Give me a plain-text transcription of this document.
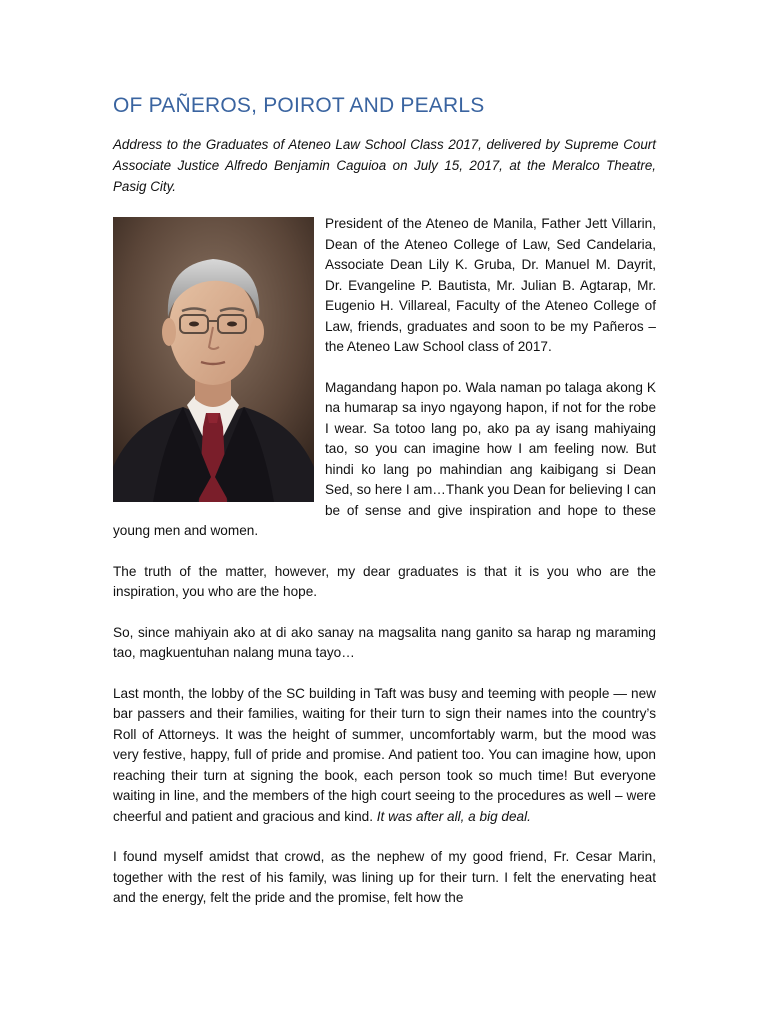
OF PAÑEROS, POIROT AND PEARLS

Address to the Graduates of Ateneo Law School Class 2017, delivered by Supreme Court Associate Justice Alfredo Benjamin Caguioa on July 15, 2017, at the Meralco Theatre, Pasig City.

President of the Ateneo de Manila, Father Jett Villarin, Dean of the Ateneo College of Law, Sed Candelaria, Associate Dean Lily K. Gruba, Dr. Manuel M. Dayrit, Dr. Evangeline P. Bautista, Mr. Julian B. Agtarap, Mr. Eugenio H. Villareal, Faculty of the Ateneo College of Law, friends, graduates and soon to be my Pañeros – the Ateneo Law School class of 2017.

Magandang hapon po. Wala naman po talaga akong K na humarap sa inyo ngayong hapon, if not for the robe I wear. Sa totoo lang po, ako pa ay isang mahiyaing tao, so you can imagine how I am feeling now. But hindi ko lang po mahindian ang kaibigang si Dean Sed, so here I am…Thank you Dean for believing I can be of sense and give inspiration and hope to these young men and women.

The truth of the matter, however, my dear graduates is that it is you who are the inspiration, you who are the hope.

So, since mahiyain ako at di ako sanay na magsalita nang ganito sa harap ng maraming tao, magkuentuhan nalang muna tayo…

Last month, the lobby of the SC building in Taft was busy and teeming with people — new bar passers and their families, waiting for their turn to sign their names into the country’s Roll of Attorneys. It was the height of summer, uncomfortably warm, but the mood was very festive, happy, full of pride and promise. And patient too. You can imagine how, upon reaching their turn at signing the book, each person took so much time! But everyone waiting in line, and the members of the high court seeing to the procedures as well – were cheerful and patient and gracious and kind. It was after all, a big deal.

I found myself amidst that crowd, as the nephew of my good friend, Fr. Cesar Marin, together with the rest of his family, was lining up for their turn. I felt the enervating heat and the energy, felt the pride and the promise, felt how the
